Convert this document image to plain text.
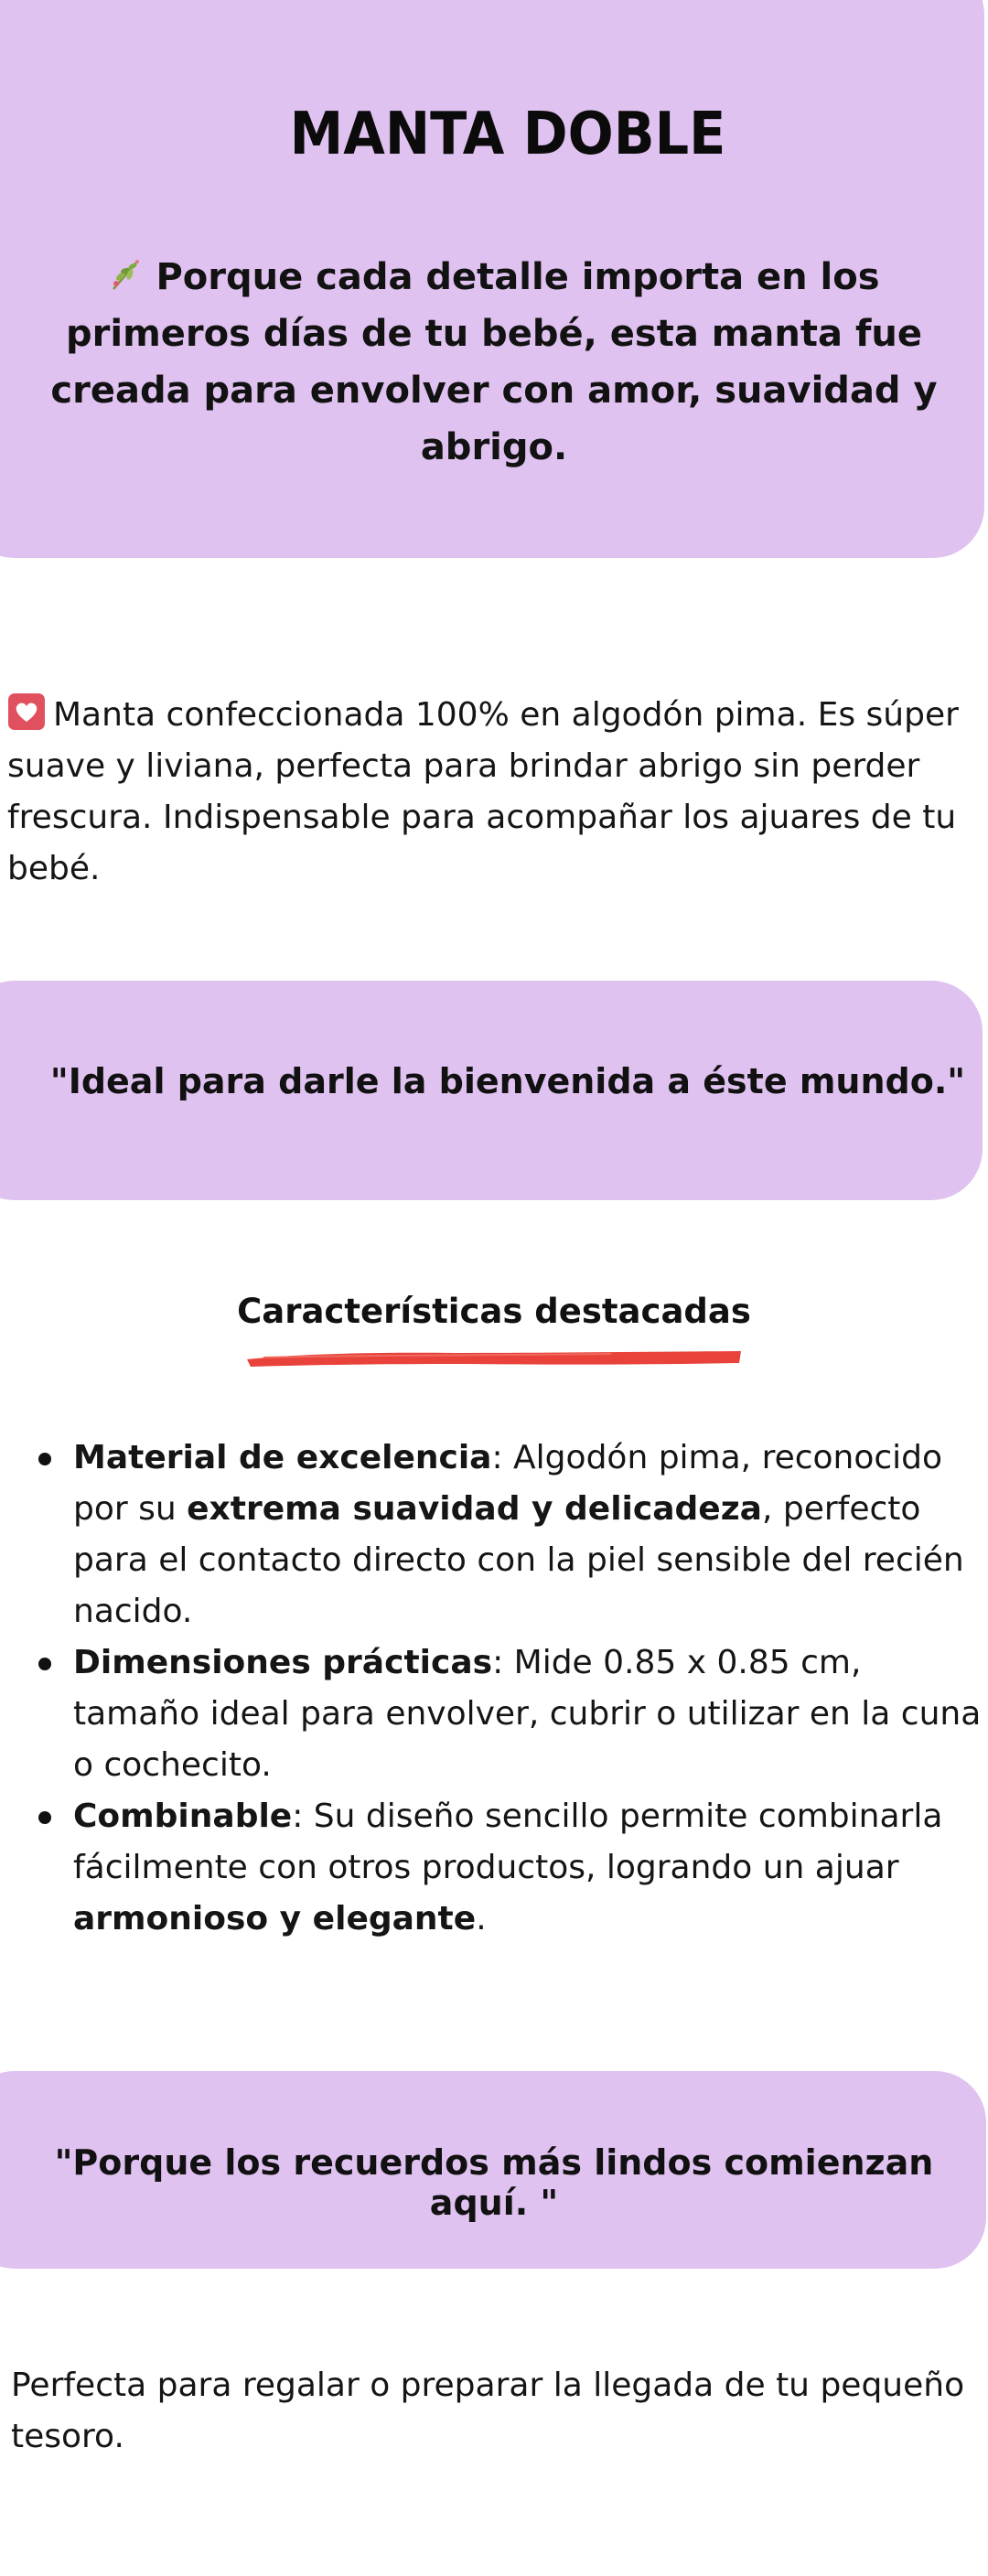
MANTA DOBLE
Porque cada detalle importa en los primeros días de tu bebé, esta manta fue creada para envolver con amor, suavidad y abrigo.
Manta confeccionada 100% en algodón pima. Es súper suave y liviana, perfecta para brindar abrigo sin perder frescura. Indispensable para acompañar los ajuares de tu bebé.
"Ideal para darle la bienvenida a éste mundo."
Características destacadas
Material de excelencia: Algodón pima, reconocido por su extrema suavidad y delicadeza, perfecto para el contacto directo con la piel sensible del recién nacido.
Dimensiones prácticas: Mide 0.85 x 0.85 cm, tamaño ideal para envolver, cubrir o utilizar en la cuna o cochecito.
Combinable: Su diseño sencillo permite combinarla fácilmente con otros productos, logrando un ajuar armonioso y elegante.
"Porque los recuerdos más lindos comienzan aquí. "
Perfecta para regalar o preparar la llegada de tu pequeño tesoro.
